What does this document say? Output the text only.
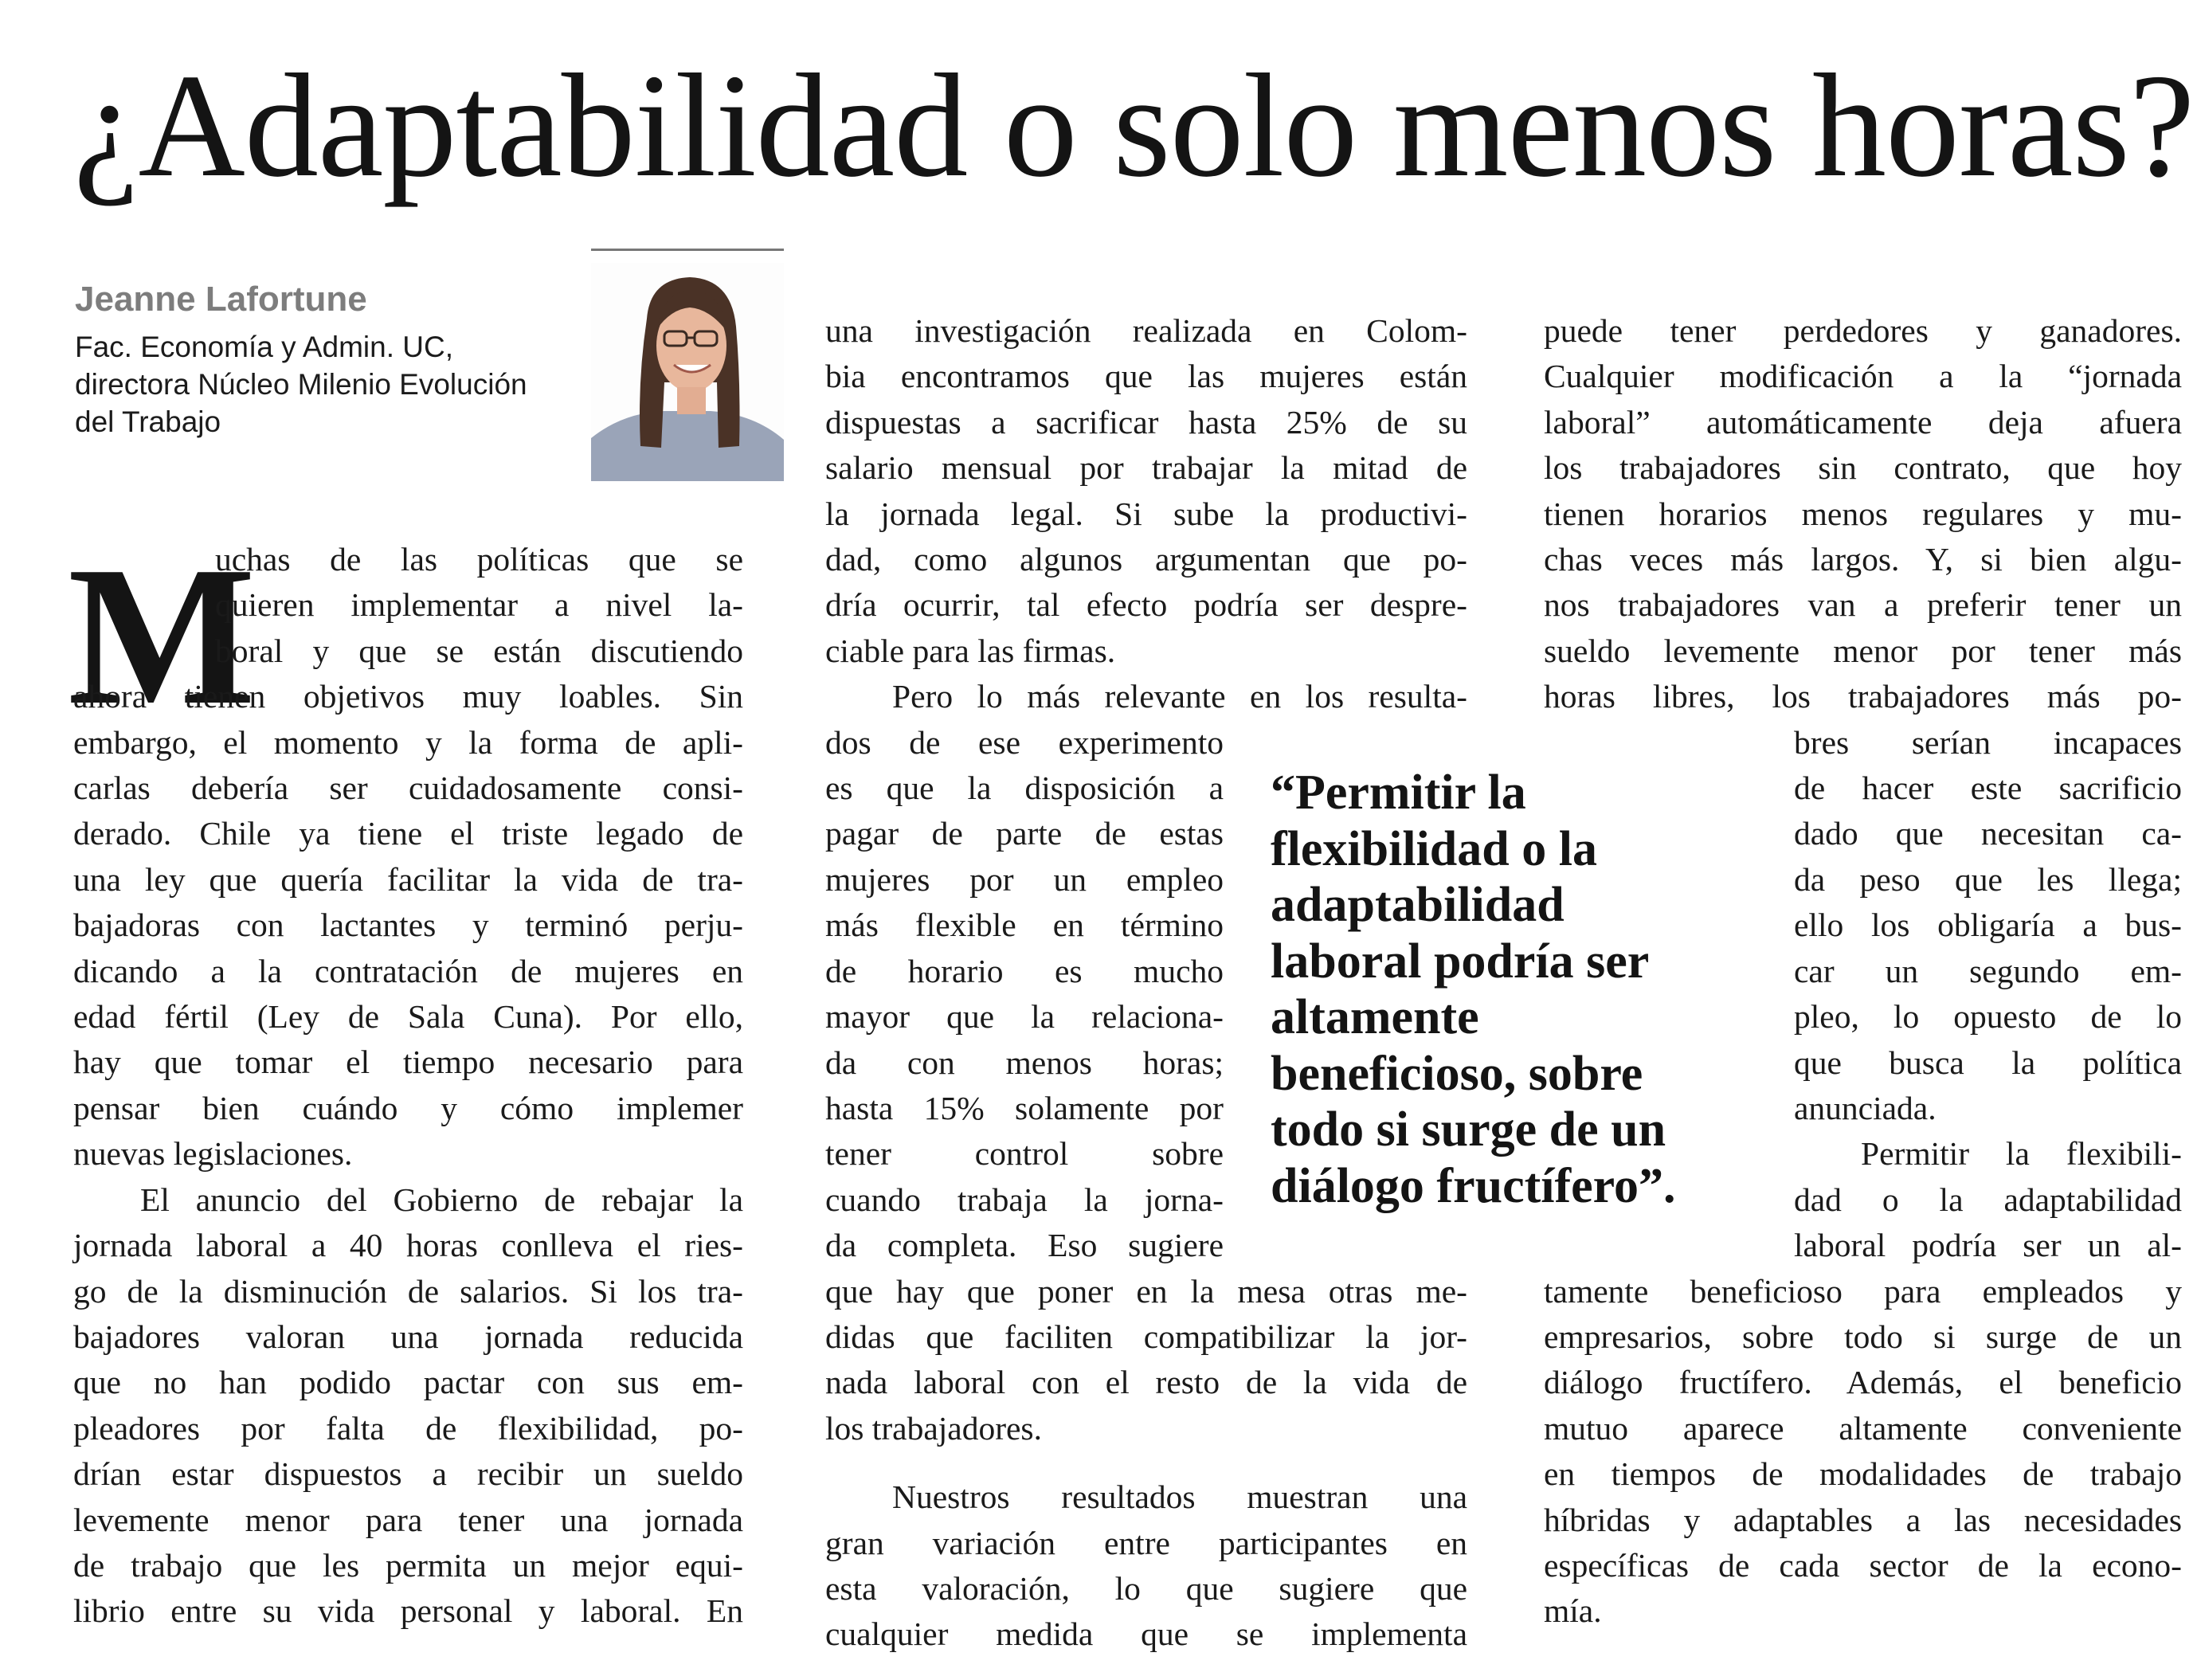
¿Adaptabilidad o solo menos horas?
Jeanne Lafortune
Fac. Economía y Admin. UC,
directora Núcleo Milenio Evolución
del Trabajo
M

uchas de las políticas que se
quieren implementar a nivel la-
boral y que se están discutiendo

ahora tienen objetivos muy loables. Sin
embargo, el momento y la forma de apli-
carlas debería ser cuidadosamente consi-
derado. Chile ya tiene el triste legado de
una ley que quería facilitar la vida de tra-
bajadoras con lactantes y terminó perju-
dicando a la contratación de mujeres en
edad fértil (Ley de Sala Cuna). Por ello,
hay que tomar el tiempo necesario para
pensar bien cuándo y cómo implemer
nuevas legislaciones.

El anuncio del Gobierno de rebajar la
jornada laboral a 40 horas conlleva el ries-
go de la disminución de salarios. Si los tra-
bajadores valoran una jornada reducida
que no han podido pactar con sus em-
pleadores por falta de flexibilidad, po-
drían estar dispuestos a recibir un sueldo
levemente menor para tener una jornada
de trabajo que les permita un mejor equi-
librio entre su vida personal y laboral. En

una investigación realizada en Colom-
bia encontramos que las mujeres están
dispuestas a sacrificar hasta 25% de su
salario mensual por trabajar la mitad de
la jornada legal. Si sube la productivi-
dad, como algunos argumentan que po-
dría ocurrir, tal efecto podría ser despre-
ciable para las firmas.

Pero lo más relevante en los resulta-
dos de ese experimento
es que la disposición a
pagar de parte de estas
mujeres por un empleo
más flexible en término
de horario es mucho
mayor que la relaciona-
da con menos horas;
hasta 15% solamente por
tener control sobre
cuando trabaja la jorna-
da completa. Eso sugiere
que hay que poner en la mesa otras me-
didas que faciliten compatibilizar la jor-
nada laboral con el resto de la vida de
los trabajadores.

Nuestros resultados muestran una
gran variación entre participantes en
esta valoración, lo que sugiere que
cualquier medida que se implementa

“Permitir la
flexibilidad o la
adaptabilidad
laboral podría ser
altamente
beneficioso, sobre
todo si surge de un
diálogo fructífero”.

puede tener perdedores y ganadores.
Cualquier modificación a la “jornada
laboral” automáticamente deja afuera
los trabajadores sin contrato, que hoy
tienen horarios menos regulares y mu-
chas veces más largos. Y, si bien algu-
nos trabajadores van a preferir tener un
sueldo levemente menor por tener más
horas libres, los trabajadores más po-
bres serían incapaces
de hacer este sacrificio
dado que necesitan ca-
da peso que les llega;
ello los obligaría a bus-
car un segundo em-
pleo, lo opuesto de lo
que busca la política
anunciada.

Permitir la flexibili-
dad o la adaptabilidad
laboral podría ser un al-
tamente beneficioso para empleados y
empresarios, sobre todo si surge de un
diálogo fructífero. Además, el beneficio
mutuo aparece altamente conveniente
en tiempos de modalidades de trabajo
híbridas y adaptables a las necesidades
específicas de cada sector de la econo-
mía.
